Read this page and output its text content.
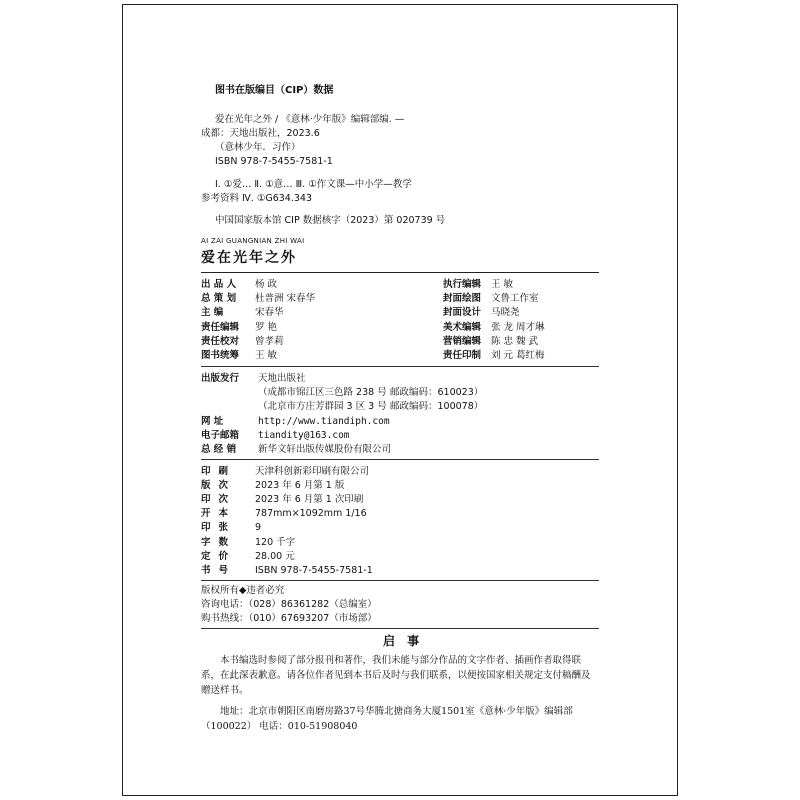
图书在版编目（CIP）数据
爱在光年之外 / 《意林·少年版》编辑部编. —
成都：天地出版社，2023.6
（意林少年．习作）
ISBN 978-7-5455-7581-1
Ⅰ. ①爱… Ⅱ. ①意… Ⅲ. ①作文课—中小学—教学
参考资料 Ⅳ. ①G634.343
中国国家版本馆 CIP 数据核字（2023）第 020739 号
AI ZAI GUANGNIAN ZHI WAI
爱在光年之外
出 品 人 杨 政
总 策 划 杜普洲 宋春华
主 编	宋春华
责任编辑 罗 艳
责任校对 曾孝莉
图书统筹 王 敏
执行编辑 王 敏
封面绘图 文鲁工作室
封面设计 马晓尧
美术编辑 张 龙 周才琳
营销编辑 陈 忠 魏 武
责任印制 刘 元 葛红梅
出版发行 天地出版社
（成都市锦江区三色路 238 号 邮政编码：610023）
（北京市方庄芳群园 3 区 3 号 邮政编码：100078）
网 址	http://www.tiandiph.com
电子邮箱 tiandity@163.com
总 经 销 新华文轩出版传媒股份有限公司
印刷 天津科创新彩印刷有限公司
版次 2023 年 6 月第 1 版
印次 2023 年 6 月第 1 次印刷
开本 787mm×1092mm 1/16
印张 9
字数 120 千字
定价 28.00 元
书号 ISBN 978-7-5455-7581-1
版权所有◆违者必究
咨询电话：（028）86361282（总编室）
购书热线：（010）67693207（市场部）
启 事
本书编选时参阅了部分报刊和著作，我们未能与部分作品的文字作者、插画作者取得联系，在此深表歉意。请各位作者见到本书后及时与我们联系，以便按国家相关规定支付稿酬及赠送样书。
地址：北京市朝阳区南磨房路37号华腾北搪商务大厦1501室《意林·少年版》编辑部
（100022） 电话：010-51908040
